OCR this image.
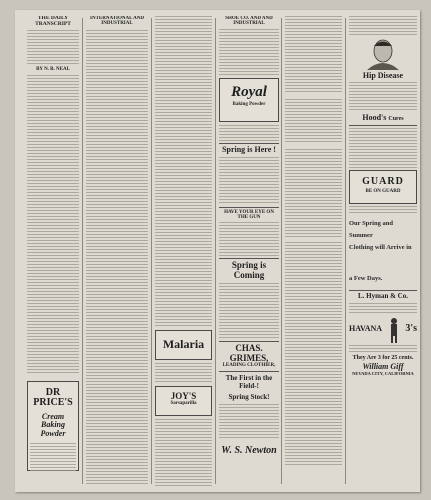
THE DAILY TRANSCRIPT
BY N. B. NEAL
DR PRICE'S
Cream Baking Powder
INTERNATIONAL AND INDUSTRIAL
Malaria
JOY'S
Sarsaparilla
SHOE CO. AND AND INDUSTRIAL
Royal
Baking Powder
Spring is Here !
HAVE YOUR EYE ON THE GUN
Spring is Coming
CHAS. GRIMES,
LEADING CLOTHIER,
The First in the Field-!
Spring Stock!
W. S. Newton
Hip Disease
Hood's Cures
GUARD
BE ON GUARD
Our Spring and Summer
Clothing will Arrive in
a Few Days.
L. Hyman & Co.
HAVANA 3's
They Are 3 for 25 cents.
William Giff
NEVADA CITY, CALIFORNIA
